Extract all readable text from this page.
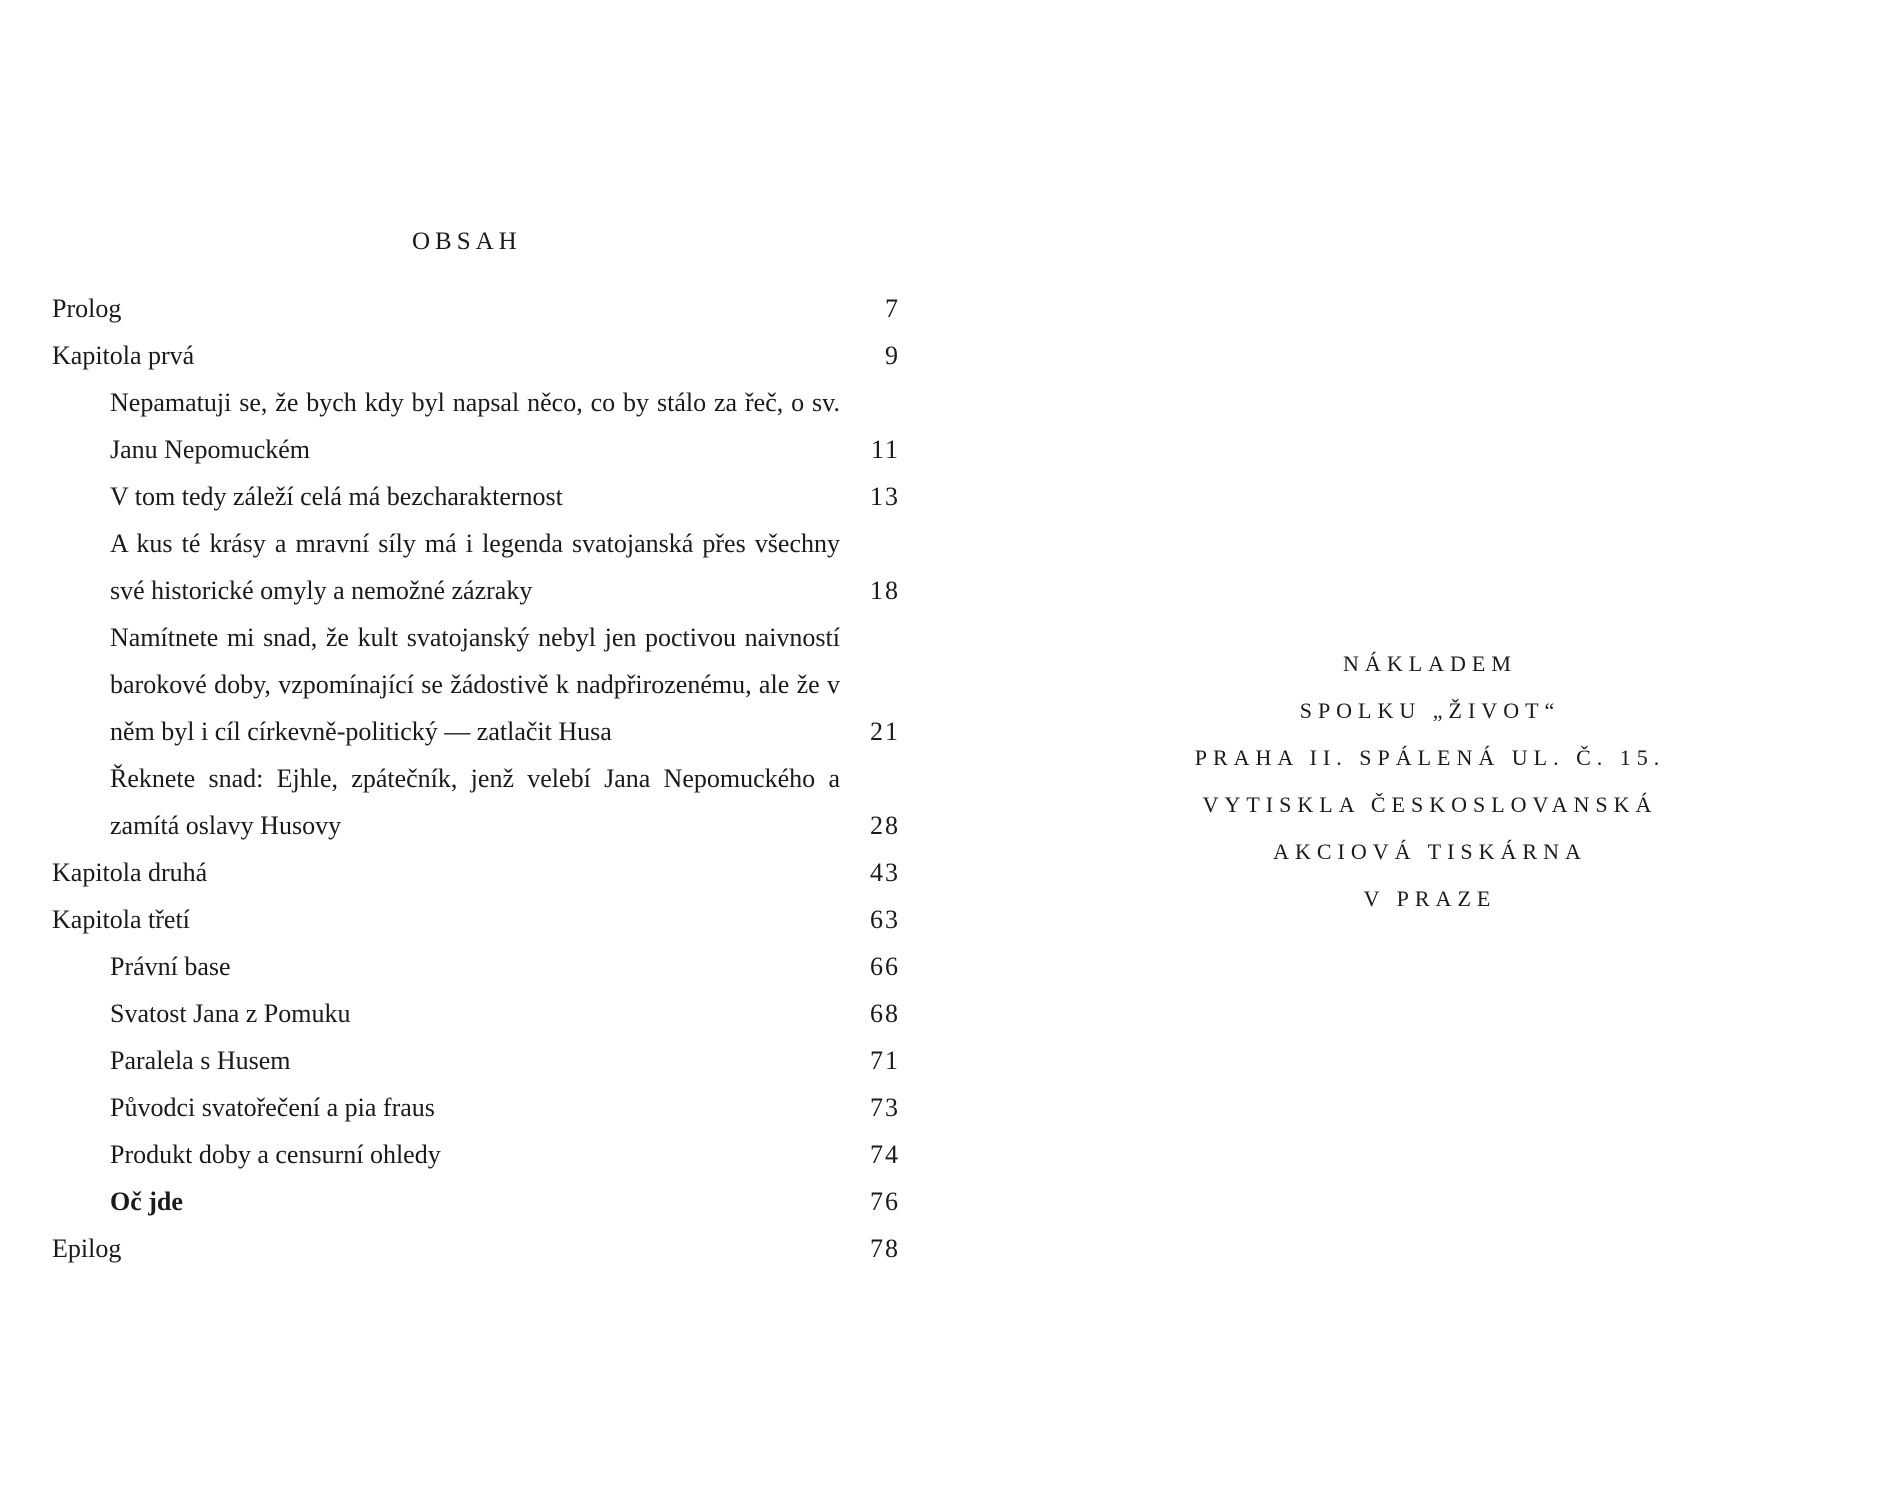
OBSAH
Prolog	7
Kapitola prvá	9
Nepamatuji se, že bych kdy byl napsal něco, co by stálo za řeč, o sv. Janu Nepomuckém	11
V tom tedy záleží celá má bezcharakternost	13
A kus té krásy a mravní síly má i legenda svatojanská přes všechny své historické omyly a nemožné zázraky	18
Namítnete mi snad, že kult svatojanský nebyl jen poctivou naivností barokové doby, vzpomínající se žádostivě k nadpřirozenému, ale že v něm byl i cíl církevně-politický — zatlačit Husa	21
Řeknete snad: Ejhle, zpátečník, jenž velebí Jana Nepomuckého a zamítá oslavy Husovy	28
Kapitola druhá	43
Kapitola třetí	63
Právní base	66
Svatost Jana z Pomuku	68
Paralela s Husem	71
Původci svatořečení a pia fraus	73
Produkt doby a censurní ohledy	74
Oč jde	76
Epilog	78
NÁKLADEM
SPOLKU „ŽIVOT“
PRAHA II. SPÁLENÁ UL. Č. 15.
VYTISKLA ČESKOSLOVANSKÁ
AKCIOVÁ TISKÁRNA
V PRAZE
